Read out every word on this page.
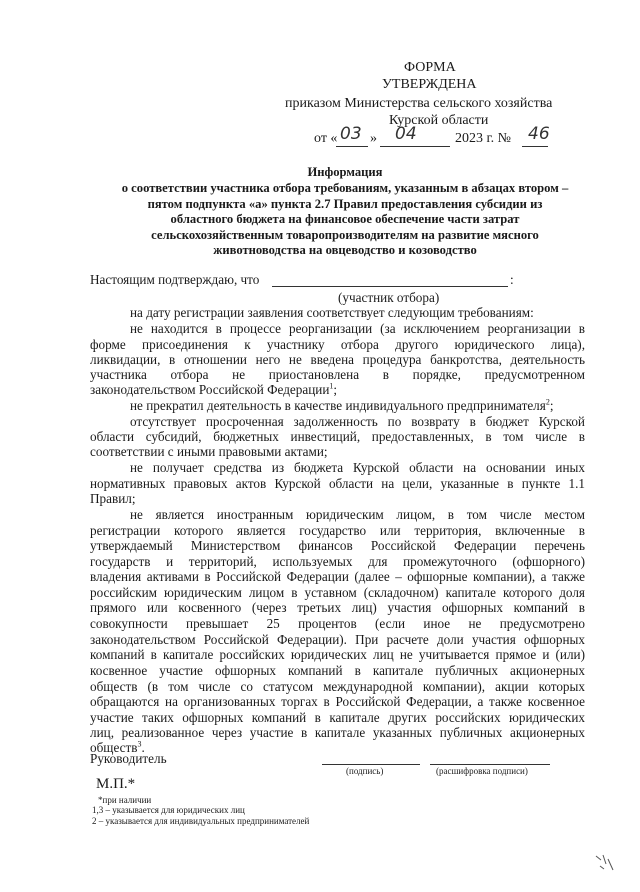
ФОРМА
УТВЕРЖДЕНА
приказом Министерства сельского хозяйства
Курской области
от « 03 » 04	2023 г. № 46
Информация
о соответствии участника отбора требованиям, указанным в абзацах втором –
пятом подпункта «а» пункта 2.7 Правил предоставления субсидии из
областного бюджета на финансовое обеспечение части затрат
сельскохозяйственным товаропроизводителям на развитие мясного
животноводства на овцеводство и козоводство
Настоящим подтверждаю, что	:
(участник отбора)
на дату регистрации заявления соответствует следующим требованиям:
не находится в процессе реорганизации (за исключением реорганизации в
форме присоединения к участнику отбора другого юридического лица),
ликвидации, в отношении него не введена процедура банкротства, деятельность
участника отбора не приостановлена в порядке, предусмотренном
законодательством Российской Федерации$^1$;
не прекратил деятельность в качестве индивидуального предпринимателя$^2$;
отсутствует просроченная задолженность по возврату в бюджет Курской
области субсидий, бюджетных инвестиций, предоставленных, в том числе в
соответствии с иными правовыми актами;
не получает средства из бюджета Курской области на основании иных
нормативных правовых актов Курской области на цели, указанные в пункте 1.1
Правил;
не является иностранным юридическим лицом, в том числе местом
регистрации которого является государство или территория, включенные в
утверждаемый Министерством финансов Российской Федерации перечень
государств и территорий, используемых для промежуточного (офшорного)
владения активами в Российской Федерации (далее – офшорные компании), а также
российским юридическим лицом в уставном (складочном) капитале которого доля
прямого или косвенного (через третьих лиц) участия офшорных компаний в
совокупности превышает 25 процентов (если иное не предусмотрено
законодательством Российской Федерации). При расчете доли участия офшорных
компаний в капитале российских юридических лиц не учитывается прямое и (или)
косвенное участие офшорных компаний в капитале публичных акционерных
обществ (в том числе со статусом международной компании), акции которых
обращаются на организованных торгах в Российской Федерации, а также косвенное
участие таких офшорных компаний в капитале других российских юридических
лиц, реализованное через участие в капитале указанных публичных акционерных
обществ$^3$.
Руководитель
(подпись)	(расшифровка подписи)
М.П.*
*при наличии
1,3 – указывается для юридических лиц
2 – указывается для индивидуальных предпринимателей
